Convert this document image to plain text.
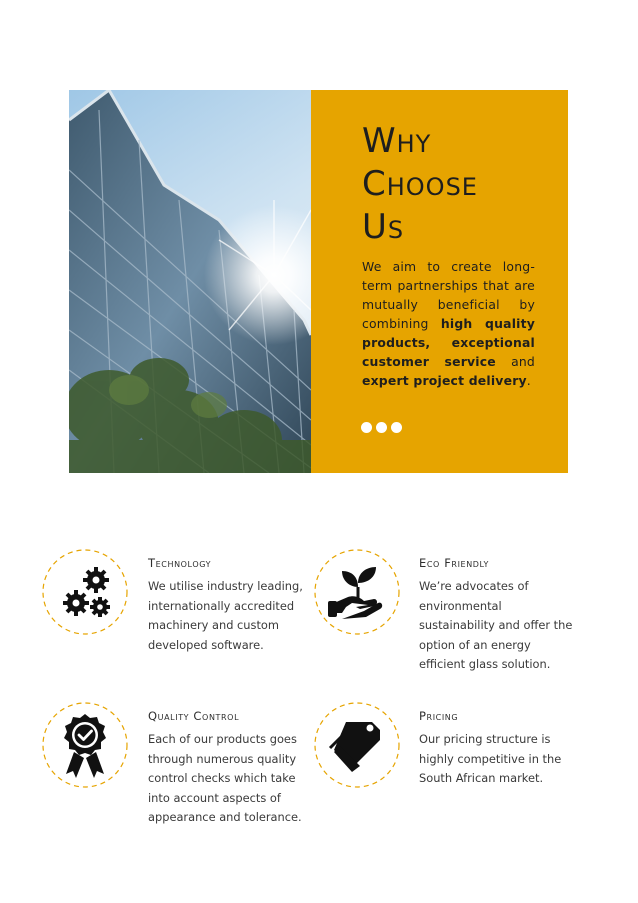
Why
Choose
Us

We aim to create long-term partnerships that are mutually beneficial by combining high quality products, exceptional customer service and expert project delivery.

Technology

We utilise industry leading, internationally accredited machinery and custom developed software.

Eco Friendly

We’re advocates of environmental sustainability and offer the option of an energy efficient glass solution.

Quality Control

Each of our products goes through numerous quality control checks which take into account aspects of appearance and tolerance.

Pricing

Our pricing structure is highly competitive in the South African market.
